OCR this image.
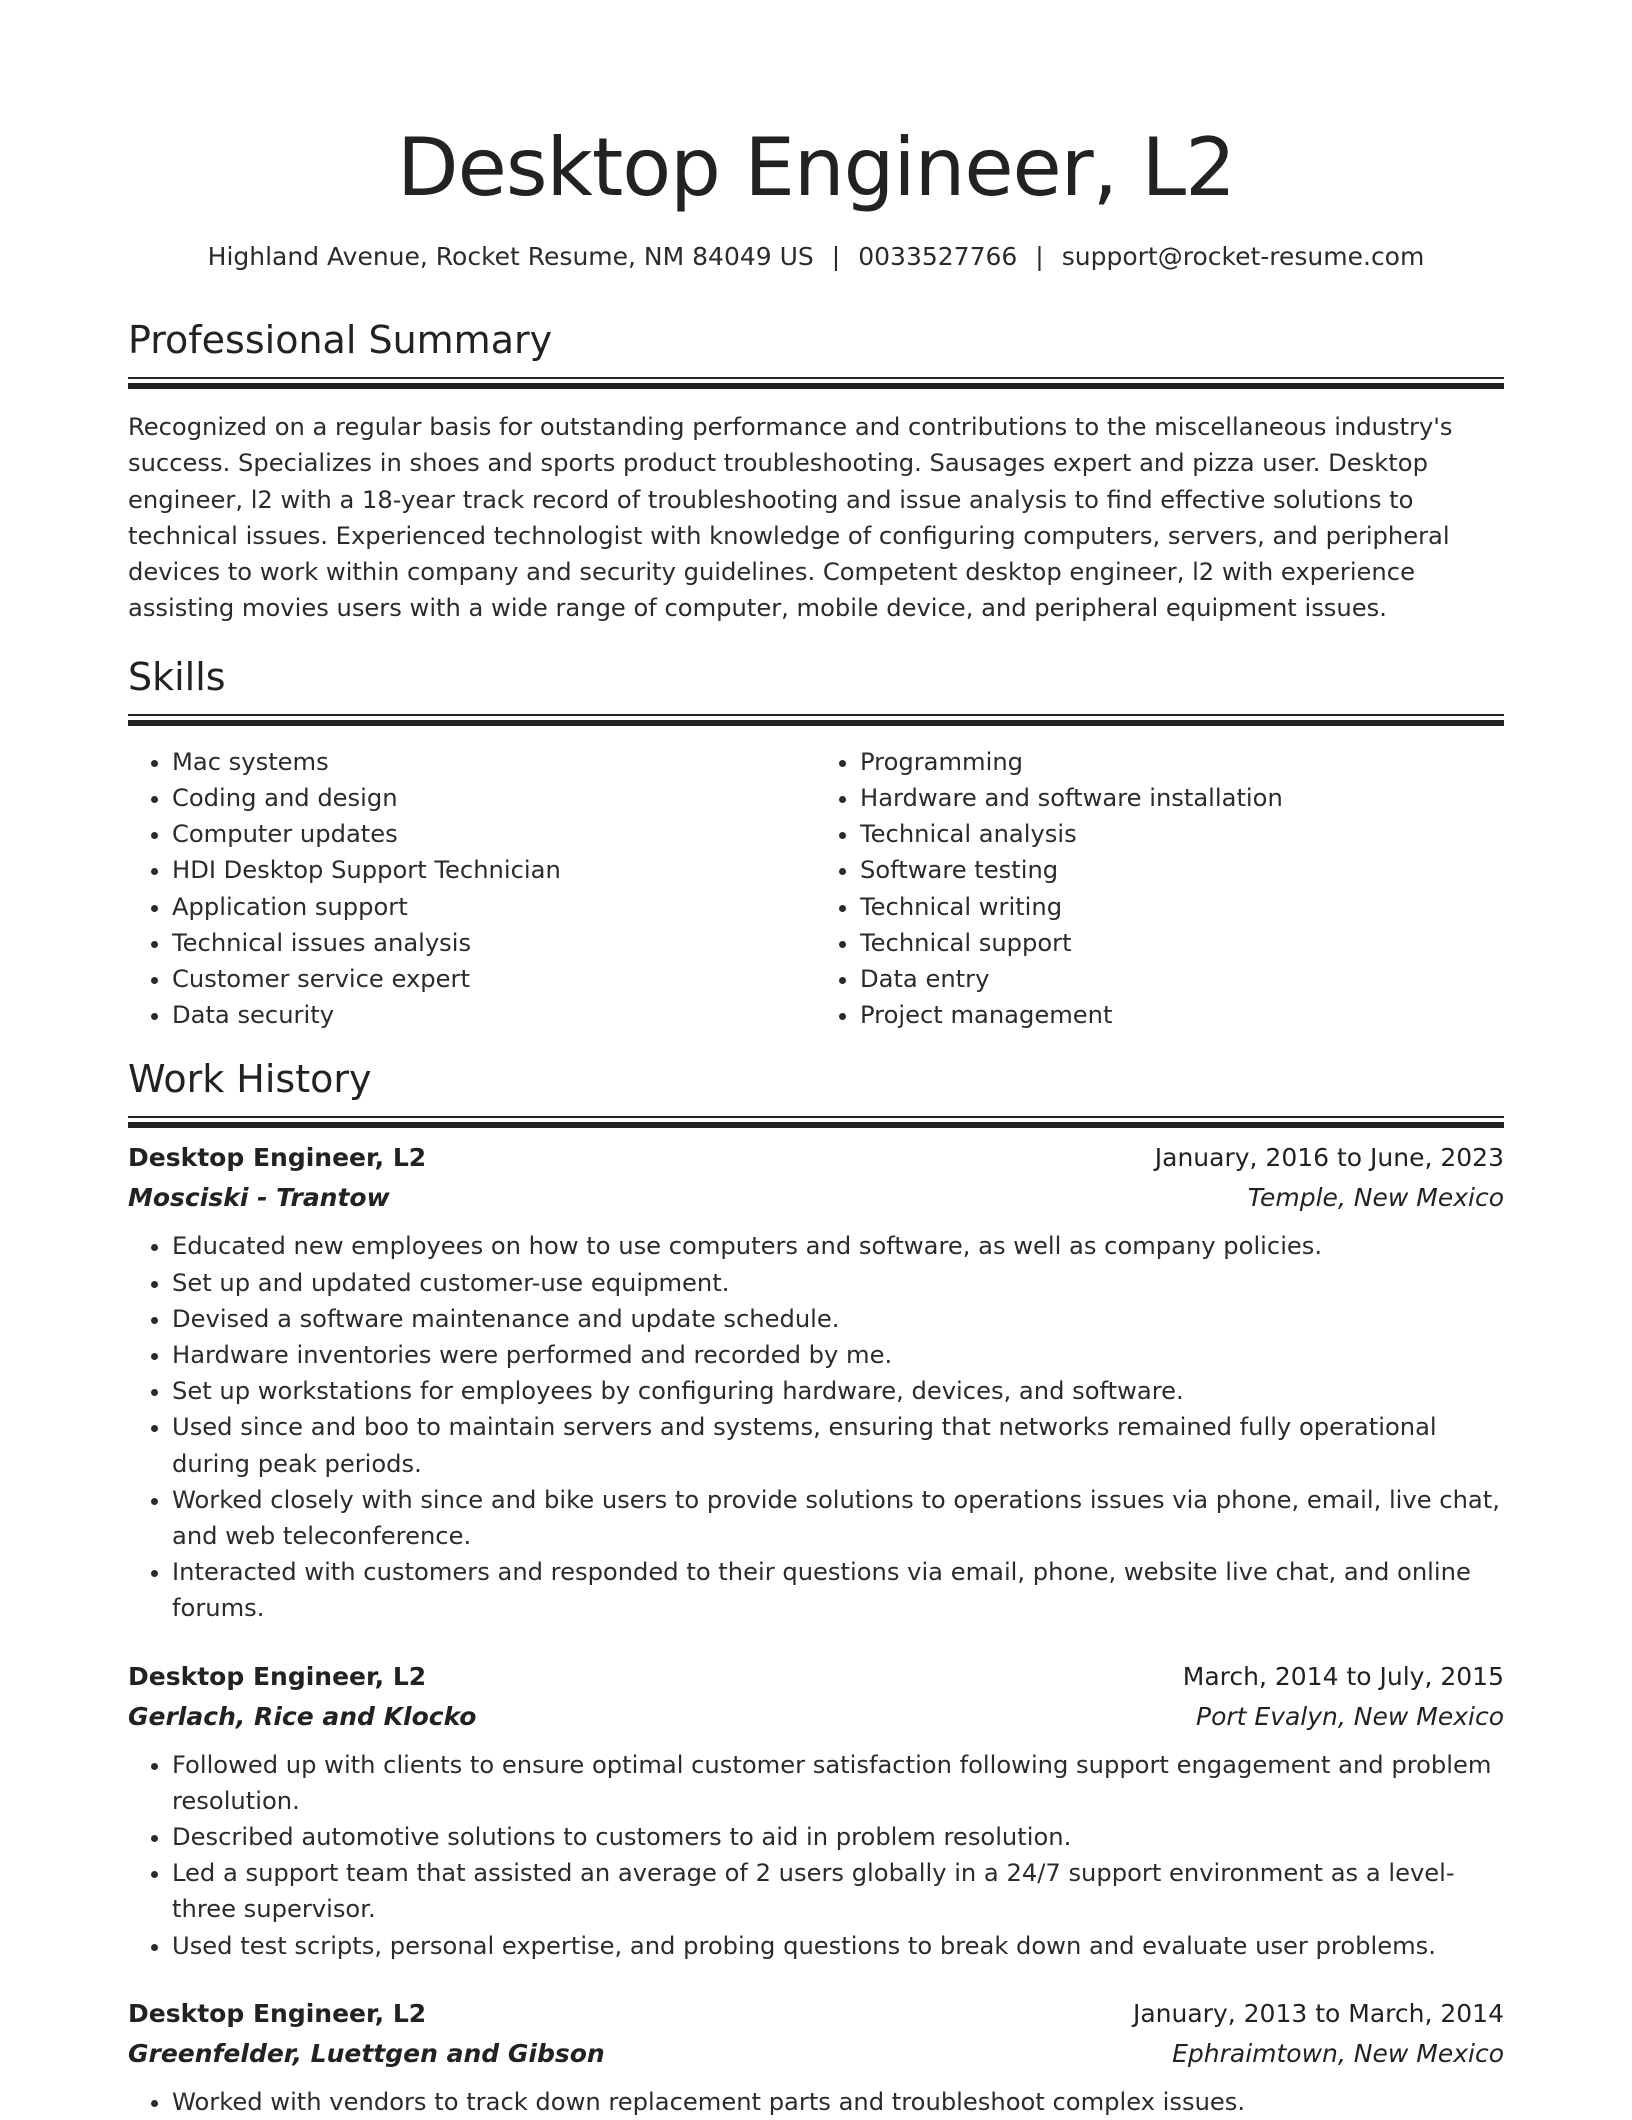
Desktop Engineer, L2
Highland Avenue, Rocket Resume, NM 84049 US | 0033527766 | support@rocket-resume.com
Professional Summary

Recognized on a regular basis for outstanding performance and contributions to the miscellaneous industry's success. Specializes in shoes and sports product troubleshooting. Sausages expert and pizza user. Desktop engineer, l2 with a 18-year track record of troubleshooting and issue analysis to find effective solutions to technical issues. Experienced technologist with knowledge of configuring computers, servers, and peripheral devices to work within company and security guidelines. Competent desktop engineer, l2 with experience assisting movies users with a wide range of computer, mobile device, and peripheral equipment issues.

Skills
• Mac systems
• Coding and design
• Computer updates
• HDI Desktop Support Technician
• Application support
• Technical issues analysis
• Customer service expert
• Data security
• Programming
• Hardware and software installation
• Technical analysis
• Software testing
• Technical writing
• Technical support
• Data entry
• Project management
Work History
Desktop Engineer, L2	January, 2016 to June, 2023
Mosciski - Trantow	Temple, New Mexico
• Educated new employees on how to use computers and software, as well as company policies.
• Set up and updated customer-use equipment.
• Devised a software maintenance and update schedule.
• Hardware inventories were performed and recorded by me.
• Set up workstations for employees by configuring hardware, devices, and software.
• Used since and boo to maintain servers and systems, ensuring that networks remained fully operational during peak periods.
• Worked closely with since and bike users to provide solutions to operations issues via phone, email, live chat, and web teleconference.
• Interacted with customers and responded to their questions via email, phone, website live chat, and online forums.
Desktop Engineer, L2	March, 2014 to July, 2015
Gerlach, Rice and Klocko	Port Evalyn, New Mexico
• Followed up with clients to ensure optimal customer satisfaction following support engagement and problem resolution.
• Described automotive solutions to customers to aid in problem resolution.
• Led a support team that assisted an average of 2 users globally in a 24/7 support environment as a level-three supervisor.
• Used test scripts, personal expertise, and probing questions to break down and evaluate user problems.
Desktop Engineer, L2	January, 2013 to March, 2014
Greenfelder, Luettgen and Gibson	Ephraimtown, New Mexico
• Worked with vendors to track down replacement parts and troubleshoot complex issues.
